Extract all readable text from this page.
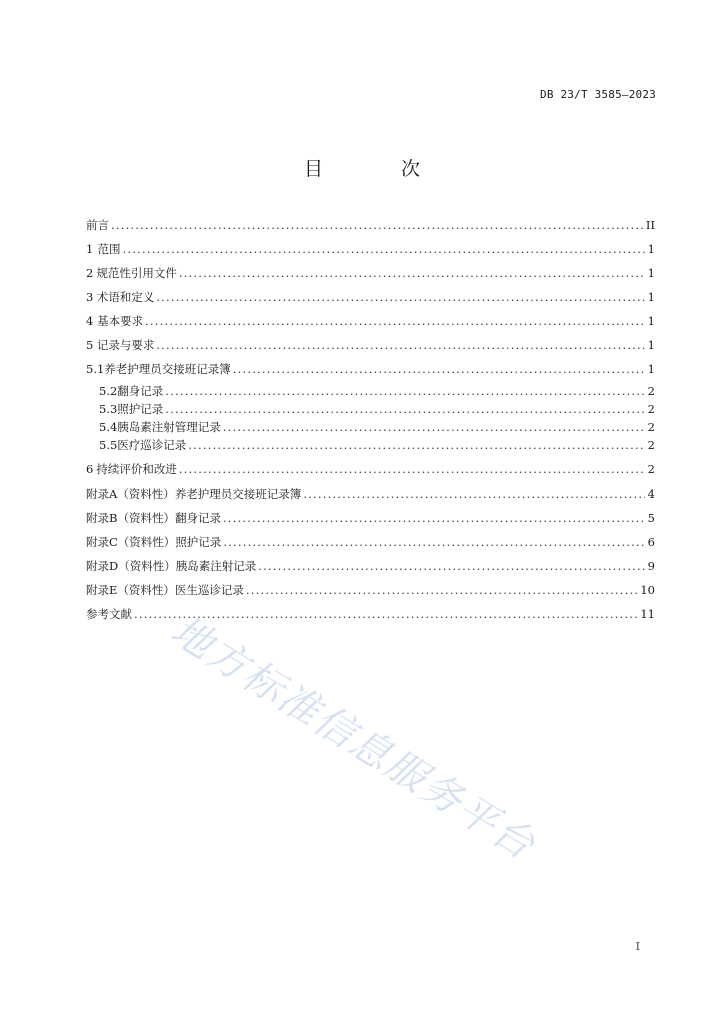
DB 23/T 3585—2023
目 次
前言 .....	II
1 范围 .....	1
2 规范性引用文件 .....	1
3 术语和定义 .....	1
4 基本要求 .....	1
5 记录与要求 .....	1
5.1 养老护理员交接班记录簿 .....	1
5.2 翻身记录 .....	2
5.3 照护记录 .....	2
5.4 胰岛素注射管理记录 .....	2
5.5 医疗巡诊记录 .....	2
6 持续评价和改进 .....	2
附录A（资料性） 养老护理员交接班记录簿 .....	4
附录B（资料性） 翻身记录 .....	5
附录C（资料性） 照护记录 .....	6
附录D（资料性） 胰岛素注射记录 .....	9
附录E（资料性） 医生巡诊记录 .....	10
参考文献 .....	11
地方标准信息服务平台
I
